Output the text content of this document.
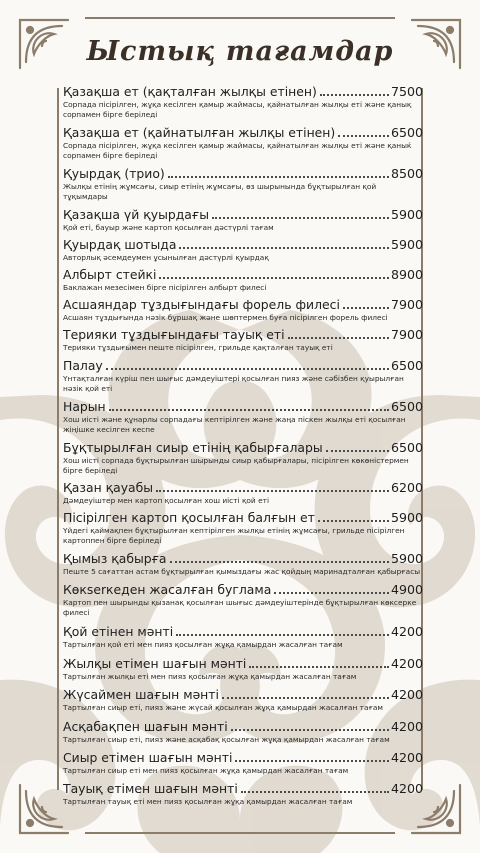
Ыстық тағамдар
Қазақша ет (қақталған жылқы етінен)	7500
Сорпада пісірілген, жұқа кесілген қамыр жаймасы, қайнатылған жылқы еті және қанық сорпамен бірге беріледі
Қазақша ет (қайнатылған жылқы етінен)	6500
Сорпада пісірілген, жұқа кесілген қамыр жаймасы, қайнатылған жылқы еті және қаныќ сорпамен бірге беріледі
Қуырдақ (трио)	8500
Жылқы етінің жұмсағы, сиыр етінің жұмсағы, өз шырынында бұқтырылған қой тұқымдары
Қазақша үй қуырдағы	5900
Қой еті, бауыр және картоп қосылған дәстүрлі тағам
Қуырдақ шотыда	5900
Авторлық әсемдеумен ұсынылған дәстүрлі қуырдақ
Албырт стейкі	8900
Баклажан мезесімен бірге пісірілген албырт филесі
Асшаяндар тұздығындағы форель филесі	7900
Асшаян тұздығында нәзік бұршақ және шөптермен буға пісірілген форель филесі
Терияки тұздығындағы тауық еті	7900
Терияки тұздығымен пеште пісірілген, грильде қақталған тауық еті
Палау	6500
Үнтақталған күріш пен шығыс дәмдеуіштері қосылған пияз және сәбізбен қуырылған нәзік қой еті
Нарын	6500
Хош иісті және құнарлы сорпадағы кептірілген және жаңа піскен жылқы еті қосылған жіңішке кесілген кеспе
Бұқтырылған сиыр етінің қабырғалары	6500
Хош иісті сорпада бұқтырылған шырынды сиыр қабырғалары, пісірілген көкөністермен бірге беріледі
Қазан қауабы	6200
Дәмдеуіштер мен картоп қосылған хош иісті қой еті
Пісірілген картоп қосылған балғын ет	5900
Үйдегі қаймақпен бұқтырылған кептірілген жылқы етінің жұмсағы, грильде пісірілген картоппен бірге беріледі
Қымыз қабырға	5900
Пеште 5 сағаттан астам бұқтырылған қымыздағы жас қойдың маринадталған қабырғасы
Көкserкеден жасалған буглама	4900
Картоп пен шырынды қызанақ қосылған шығыс дәмдеуіштерінде бұқтырылған көксерке филесі
Қой етінен мәнті	4200
Тартылған қой еті мен пияз қосылған жұқа қамырдан жасалған тағам
Жылқы етімен шағын мәнті	4200
Тартылған жылқы еті мен пияз қосылған жұқа қамырдан жасалған тағам
Жүсаймен шағын мәнті	4200
Тартылған сиыр еті, пияз және жүсай қосылған жұқа қамырдан жасалған тағам
Асқабақпен шағын мәнті	4200
Тартылған сиыр еті, пияз және асқабақ қосылған жұқа қамырдан жасалған тағам
Сиыр етімен шағын мәнті	4200
Тартылған сиыр еті мен пияз қосылған жұқа қамырдан жасалған тағам
Тауық етімен шағын мәнті	4200
Тартылған тауық еті мен пияз қосылған жұқа қамырдан жасалған тағам
